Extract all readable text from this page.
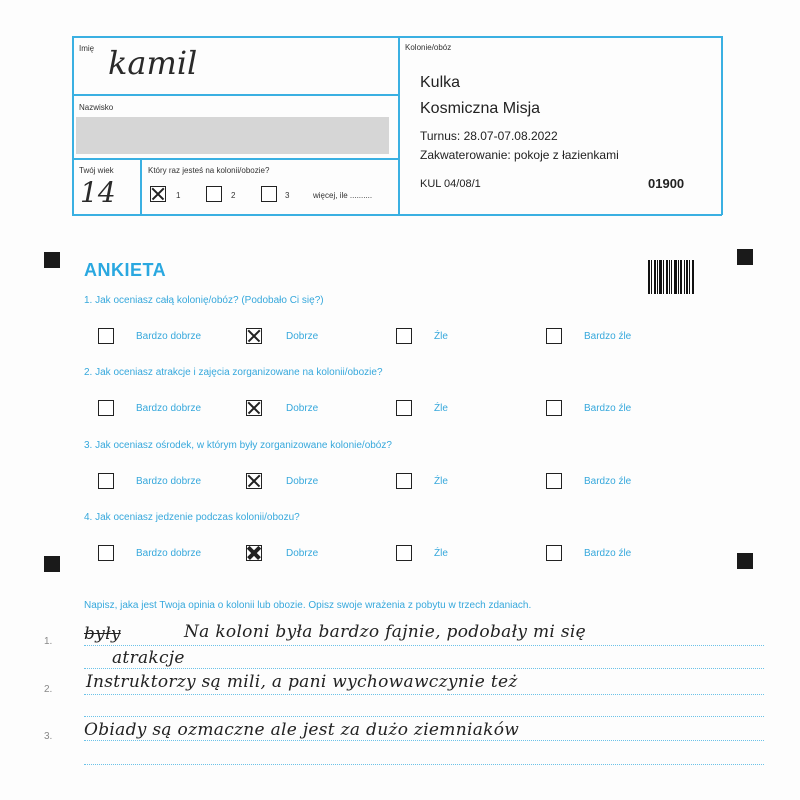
Imię kamil
Nazwisko
Twój wiek
14
Który raz jesteś na kolonii/obozie?
1	2	3	więcej, ile ..........
Kolonie/obóz
Kulka
Kosmiczna Misja
Turnus: 28.07-07.08.2022
Zakwaterowanie: pokoje z łazienkami
KUL 04/08/1	01900
ANKIETA
1. Jak oceniasz całą kolonię/obóz? (Podobało Ci się?)
Bardzo dobrze	Dobrze	Źle	Bardzo źle
2. Jak oceniasz atrakcje i zajęcia zorganizowane na kolonii/obozie?
Bardzo dobrze	Dobrze	Źle	Bardzo źle
3. Jak oceniasz ośrodek, w którym były zorganizowane kolonie/obóz?
Bardzo dobrze	Dobrze	Źle	Bardzo źle
4. Jak oceniasz jedzenie podczas kolonii/obozu?
Bardzo dobrze	Dobrze	Źle	Bardzo źle
Napisz, jaka jest Twoja opinia o kolonii lub obozie. Opisz swoje wrażenia z pobytu w trzech zdaniach.
1.
2.
3.
były	Na koloni była bardzo fajnie, podobały mi się
atrakcje
Instruktorzy są mili, a pani wychowawczynie też
Obiady są ozmaczne ale jest za dużo ziemniaków
